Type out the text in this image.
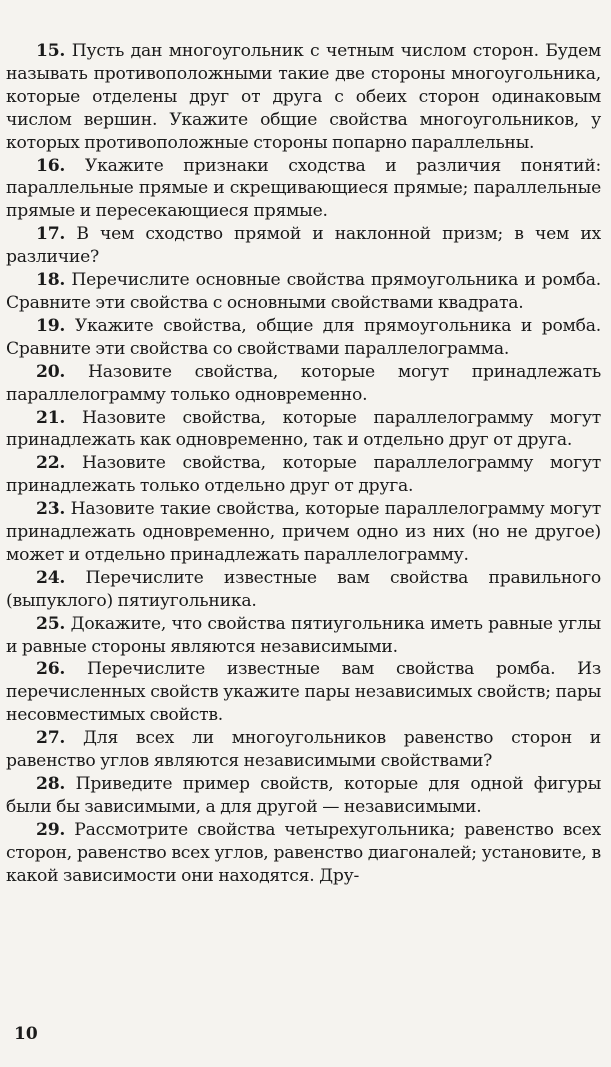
15. Пусть дан многоугольник с четным числом сторон. Будем называть противоположными такие две стороны многоугольника, которые отделены друг от друга с обеих сторон одинаковым числом вершин. Укажите общие свойства многоугольников, у которых противоположные стороны попарно параллельны.

16. Укажите признаки сходства и различия понятий: параллельные прямые и скрещивающиеся прямые; параллельные прямые и пересекающиеся прямые.

17. В чем сходство прямой и наклонной призм; в чем их различие?

18. Перечислите основные свойства прямоугольника и ромба. Сравните эти свойства с основными свойствами квадрата.

19. Укажите свойства, общие для прямоугольника и ромба. Сравните эти свойства со свойствами параллелограмма.

20. Назовите свойства, которые могут принадлежать параллелограмму только одновременно.

21. Назовите свойства, которые параллелограмму могут принадлежать как одновременно, так и отдельно друг от друга.

22. Назовите свойства, которые параллелограмму могут принадлежать только отдельно друг от друга.

23. Назовите такие свойства, которые параллелограмму могут принадлежать одновременно, причем одно из них (но не другое) может и отдельно принадлежать параллелограмму.

24. Перечислите известные вам свойства правильного (выпуклого) пятиугольника.

25. Докажите, что свойства пятиугольника иметь равные углы и равные стороны являются независимыми.

26. Перечислите известные вам свойства ромба. Из перечисленных свойств укажите пары независимых свойств; пары несовместимых свойств.

27. Для всех ли многоугольников равенство сторон и равенство углов являются независимыми свойствами?

28. Приведите пример свойств, которые для одной фигуры были бы зависимыми, а для другой — независимыми.

29. Рассмотрите свойства четырехугольника; равенство всех сторон, равенство всех углов, равенство диагоналей; установите, в какой зависимости они находятся. Дру-

10
